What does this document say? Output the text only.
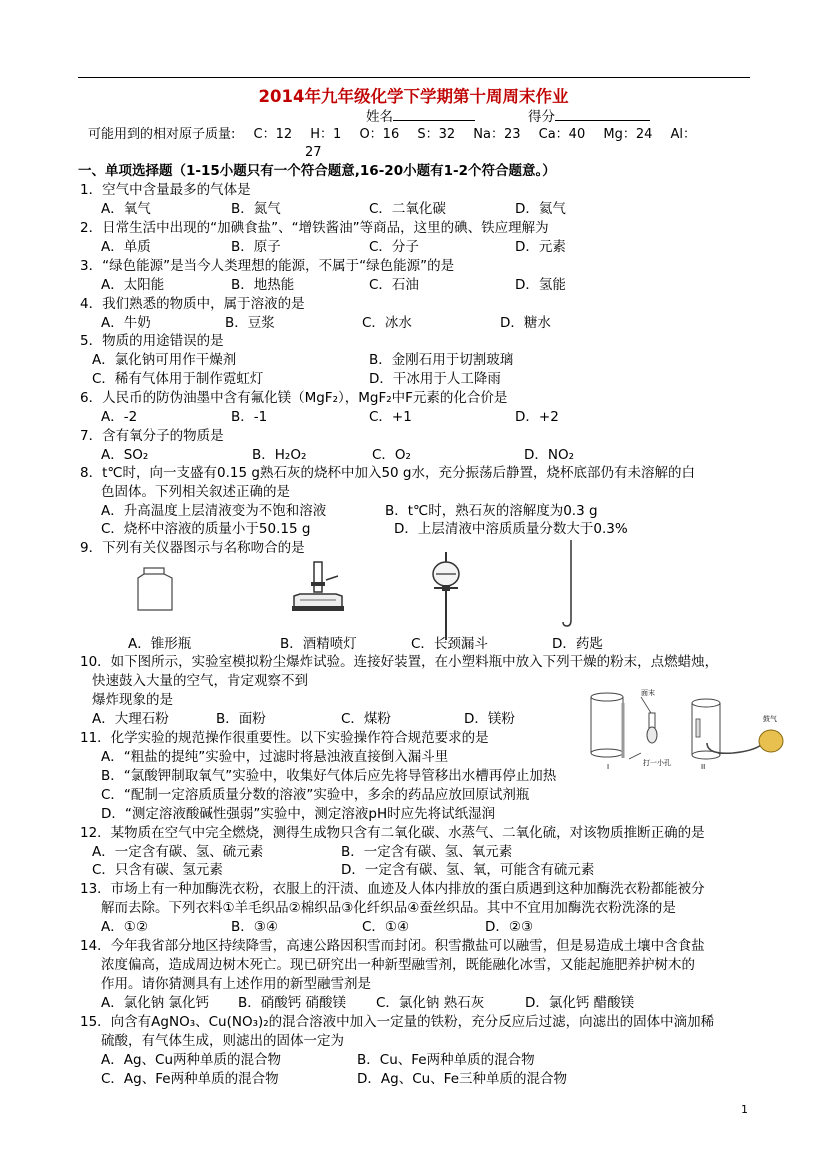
2014年九年级化学下学期第十周周末作业
姓名	得分
可能用到的相对原子质量: C：12 H：1 O：16 S：32 Na：23 Ca：40 Mg：24 Al：
27
一、单项选择题（1-15小题只有一个符合题意,16-20小题有1-2个符合题意。）
1．空气中含量最多的气体是
A．氧气	B．氮气	C．二氧化碳	D．氦气
2．日常生活中出现的“加碘食盐”、“增铁酱油”等商品，这里的碘、铁应理解为
A．单质	B．原子	C．分子	D．元素
3．“绿色能源”是当今人类理想的能源，不属于“绿色能源”的是
A．太阳能	B．地热能	C．石油	D．氢能
4．我们熟悉的物质中，属于溶液的是
A．牛奶	B．豆浆	C．冰水	D．糖水
5．物质的用途错误的是
A．氯化钠可用作干燥剂	B．金刚石用于切割玻璃
C．稀有气体用于制作霓虹灯	D．干冰用于人工降雨
6．人民币的防伪油墨中含有氟化镁（MgF₂），MgF₂中F元素的化合价是
A．-2	B．-1	C．+1	D．+2
7．含有氧分子的物质是
A．SO₂	B．H₂O₂	C．O₂	D．NO₂
8．t℃时，向一支盛有0.15 g熟石灰的烧杯中加入50 g水，充分振荡后静置，烧杯底部仍有未溶解的白
色固体。下列相关叙述正确的是
A．升高温度上层清液变为不饱和溶液	B．t℃时，熟石灰的溶解度为0.3 g
C．烧杯中溶液的质量小于50.15 g	D．上层清液中溶质质量分数大于0.3%
9．下列有关仪器图示与名称吻合的是
A．锥形瓶	B．酒精喷灯	C．长颈漏斗	D．药匙
10．如下图所示，实验室模拟粉尘爆炸试验。连接好装置，在小塑料瓶中放入下列干燥的粉末，点燃蜡烛，
快速鼓入大量的空气，肯定观察不到
爆炸现象的是
A．大理石粉	B．面粉	C．煤粉	D．镁粉
面末
打一小孔
I
鼓气
II
11．化学实验的规范操作很重要性。以下实验操作符合规范要求的是
A．“粗盐的提纯”实验中，过滤时将悬浊液直接倒入漏斗里
B．“氯酸钾制取氧气”实验中，收集好气体后应先将导管移出水槽再停止加热
C．“配制一定溶质质量分数的溶液”实验中，多余的药品应放回原试剂瓶
D．“测定溶液酸碱性强弱”实验中，测定溶液pH时应先将试纸湿润
12．某物质在空气中完全燃烧，测得生成物只含有二氧化碳、水蒸气、二氧化硫，对该物质推断正确的是
A．一定含有碳、氢、硫元素	B．一定含有碳、氢、氧元素
C．只含有碳、氢元素	D．一定含有碳、氢、氧，可能含有硫元素
13．市场上有一种加酶洗衣粉，衣服上的汗渍、血迹及人体内排放的蛋白质遇到这种加酶洗衣粉都能被分
解而去除。下列衣料①羊毛织品②棉织品③化纤织品④蚕丝织品。其中不宜用加酶洗衣粉洗涤的是
A．①②	B．③④	C．①④	D．②③
14．今年我省部分地区持续降雪，高速公路因积雪而封闭。积雪撒盐可以融雪，但是易造成土壤中含食盐
浓度偏高，造成周边树木死亡。现已研究出一种新型融雪剂，既能融化冰雪，又能起施肥养护树木的
作用。请你猜测具有上述作用的新型融雪剂是
A．氯化钠 氯化钙 B．硝酸钙 硝酸镁 C．氯化钠 熟石灰	D．氯化钙 醋酸镁
15．向含有AgNO₃、Cu(NO₃)₂的混合溶液中加入一定量的铁粉，充分反应后过滤，向滤出的固体中滴加稀
硫酸，有气体生成，则滤出的固体一定为
A．Ag、Cu两种单质的混合物	B．Cu、Fe两种单质的混合物
C．Ag、Fe两种单质的混合物	D．Ag、Cu、Fe三种单质的混合物
1
